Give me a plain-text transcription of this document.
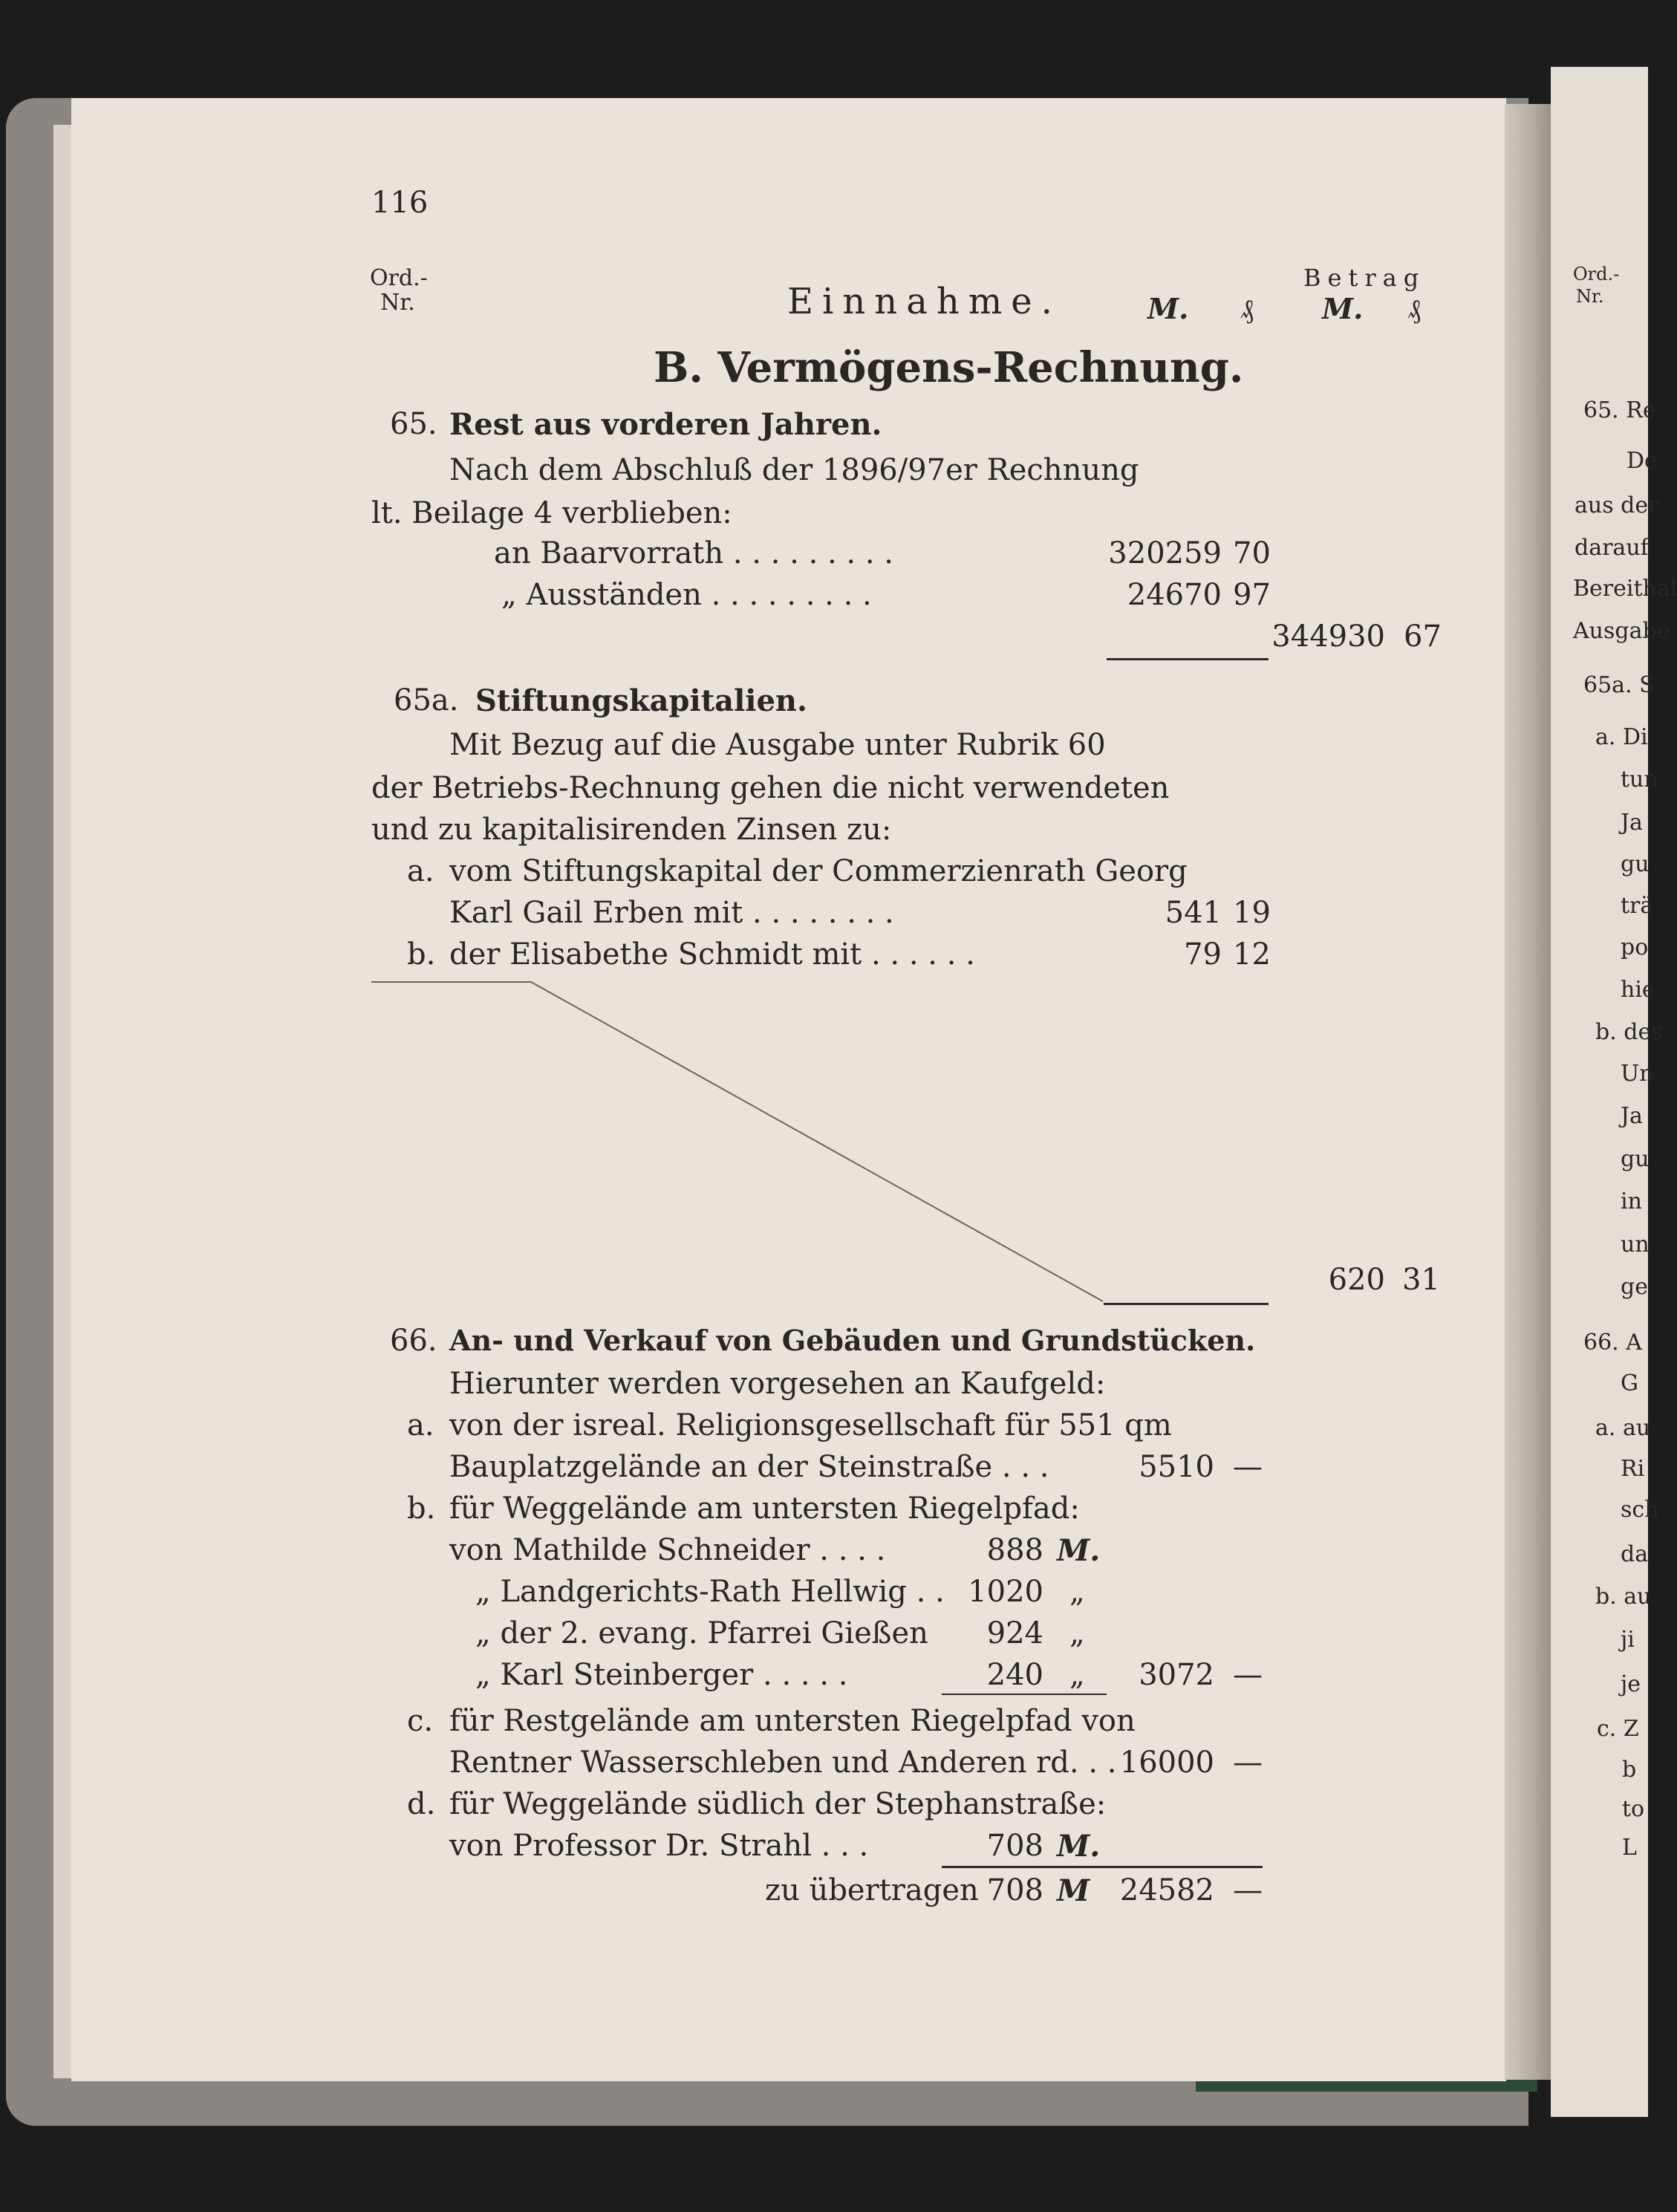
116
Ord.-
Nr.	Einnahme.	M. ₰
Betrag
M. ₰
B. Vermögens-Rechnung.
65. Rest aus vorderen Jahren.
Nach dem Abschluß der 1896/97er Rechnung
lt. Beilage 4 verblieben:
an Baarvorrath . . . . . . . . .	320259 70
„ Ausständen . . . . . . . . .	24670 97
344930 67
65a. Stiftungskapitalien.
Mit Bezug auf die Ausgabe unter Rubrik 60
der Betriebs-Rechnung gehen die nicht verwendeten
und zu kapitalisirenden Zinsen zu:
a. vom Stiftungskapital der Commerzienrath Georg
Karl Gail Erben mit . . . . . . . .	541 19
b. der Elisabethe Schmidt mit . . . . . .	79 12
620 31
66. An- und Verkauf von Gebäuden und Grundstücken.
Hierunter werden vorgesehen an Kaufgeld:
a. von der isreal. Religionsgesellschaft für 551 qm
Bauplatzgelände an der Steinstraße . . .	5510 —
b. für Weggelände am untersten Riegelpfad:
von Mathilde Schneider . . . .	888 M.
„ Landgerichts-Rath Hellwig . . 1020 „
„ der 2. evang. Pfarrei Gießen	924 „
„ Karl Steinberger . . . . .	240 „	3072 —
c. für Restgelände am untersten Riegelpfad von
Rentner Wasserschleben und Anderen rd. . . 16000 —
d. für Weggelände südlich der Stephanstraße:
von Professor Dr. Strahl . . .	708 M.
zu übertragen 708 M	24582 —
Ord.-
Nr.
65. Re
De
aus der
darauf
Bereithal
Ausgabe
65a. S
a. Di
tun
Ja
gu
trä
po
hie
b. des
Un
Ja
gu
in
un
ge
66. A
G
a. au
Ri
sch
da
b. au
ji
je
c. Z
b
to
L
